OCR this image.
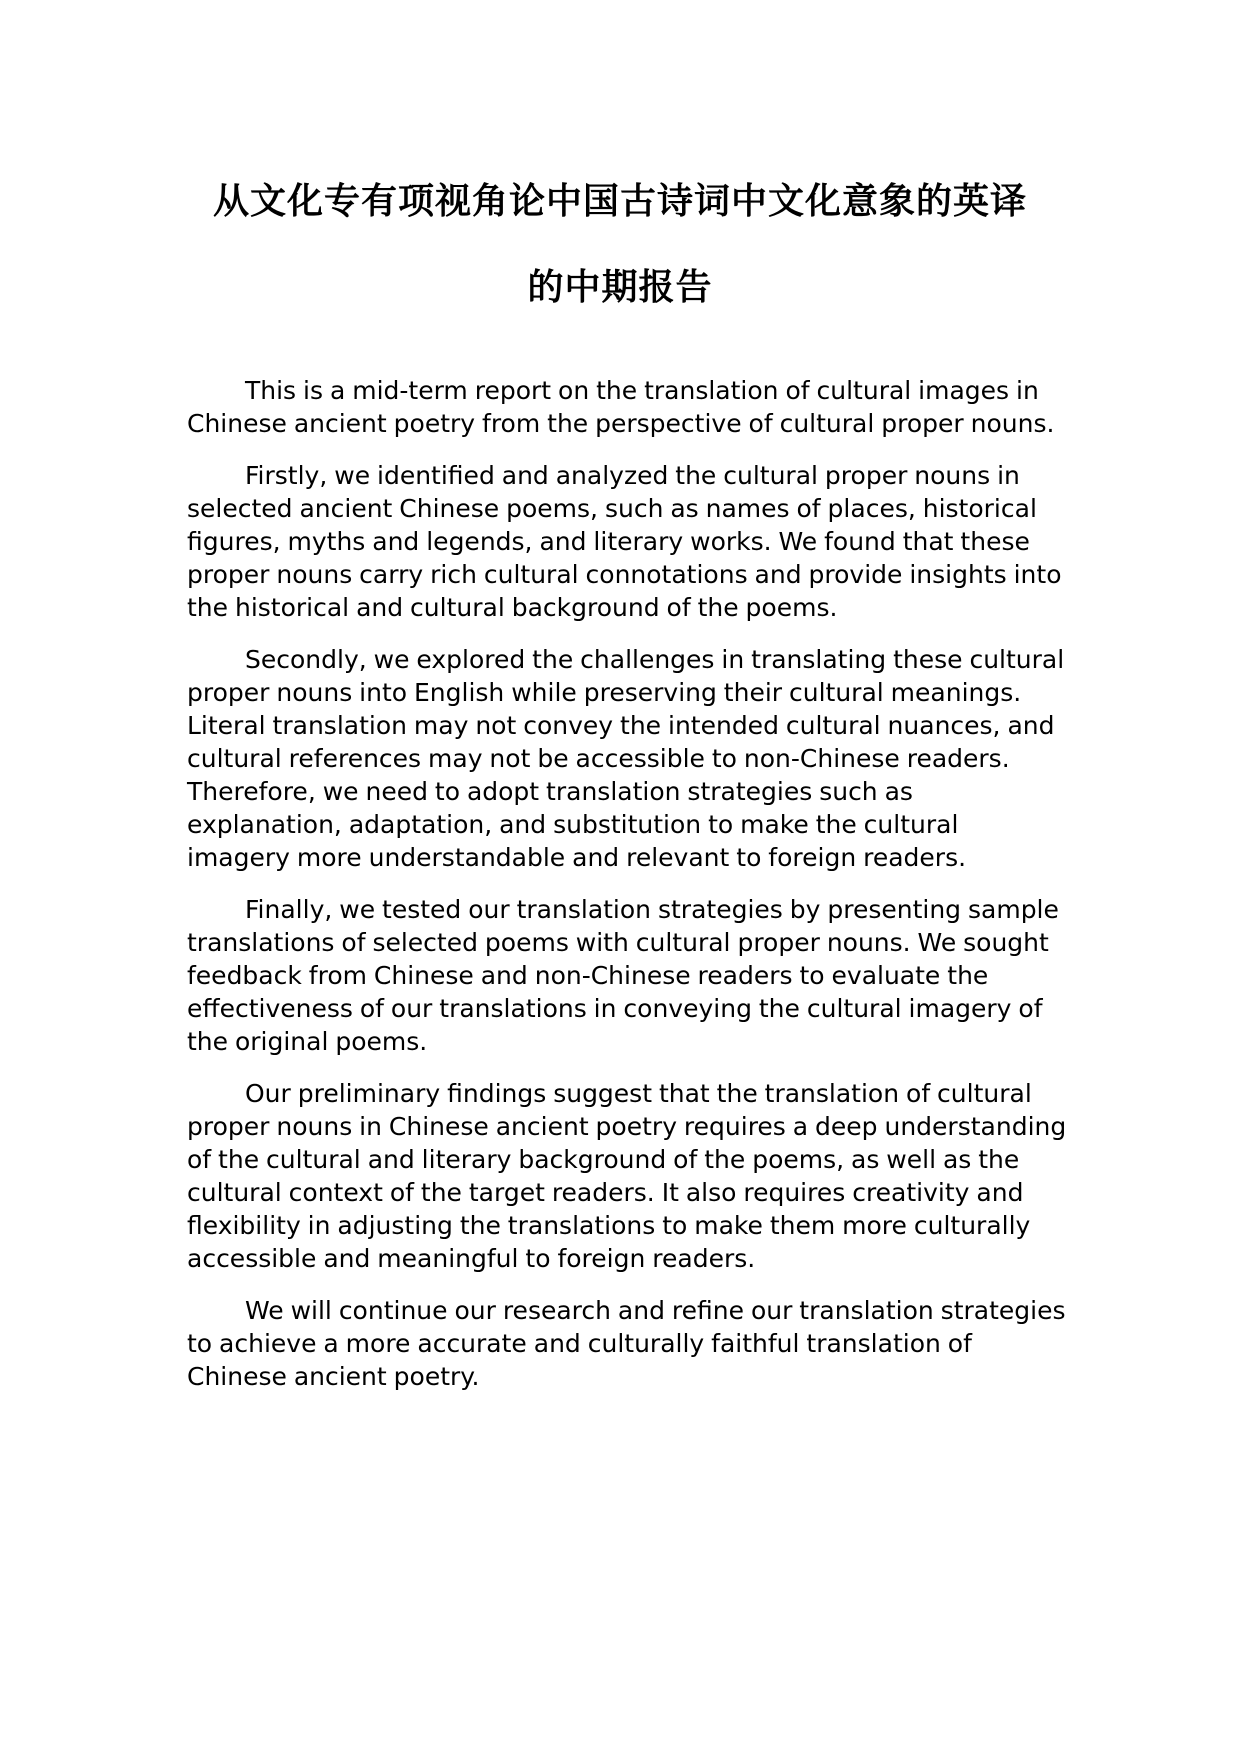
从文化专有项视角论中国古诗词中文化意象的英译
的中期报告

This is a mid-term report on the translation of cultural images in Chinese ancient poetry from the perspective of cultural proper nouns.

Firstly, we identified and analyzed the cultural proper nouns in selected ancient Chinese poems, such as names of places, historical figures, myths and legends, and literary works. We found that these proper nouns carry rich cultural connotations and provide insights into the historical and cultural background of the poems.

Secondly, we explored the challenges in translating these cultural proper nouns into English while preserving their cultural meanings. Literal translation may not convey the intended cultural nuances, and cultural references may not be accessible to non-Chinese readers. Therefore, we need to adopt translation strategies such as explanation, adaptation, and substitution to make the cultural imagery more understandable and relevant to foreign readers.

Finally, we tested our translation strategies by presenting sample translations of selected poems with cultural proper nouns. We sought feedback from Chinese and non-Chinese readers to evaluate the effectiveness of our translations in conveying the cultural imagery of the original poems.

Our preliminary findings suggest that the translation of cultural proper nouns in Chinese ancient poetry requires a deep understanding of the cultural and literary background of the poems, as well as the cultural context of the target readers. It also requires creativity and flexibility in adjusting the translations to make them more culturally accessible and meaningful to foreign readers.

We will continue our research and refine our translation strategies to achieve a more accurate and culturally faithful translation of Chinese ancient poetry.
